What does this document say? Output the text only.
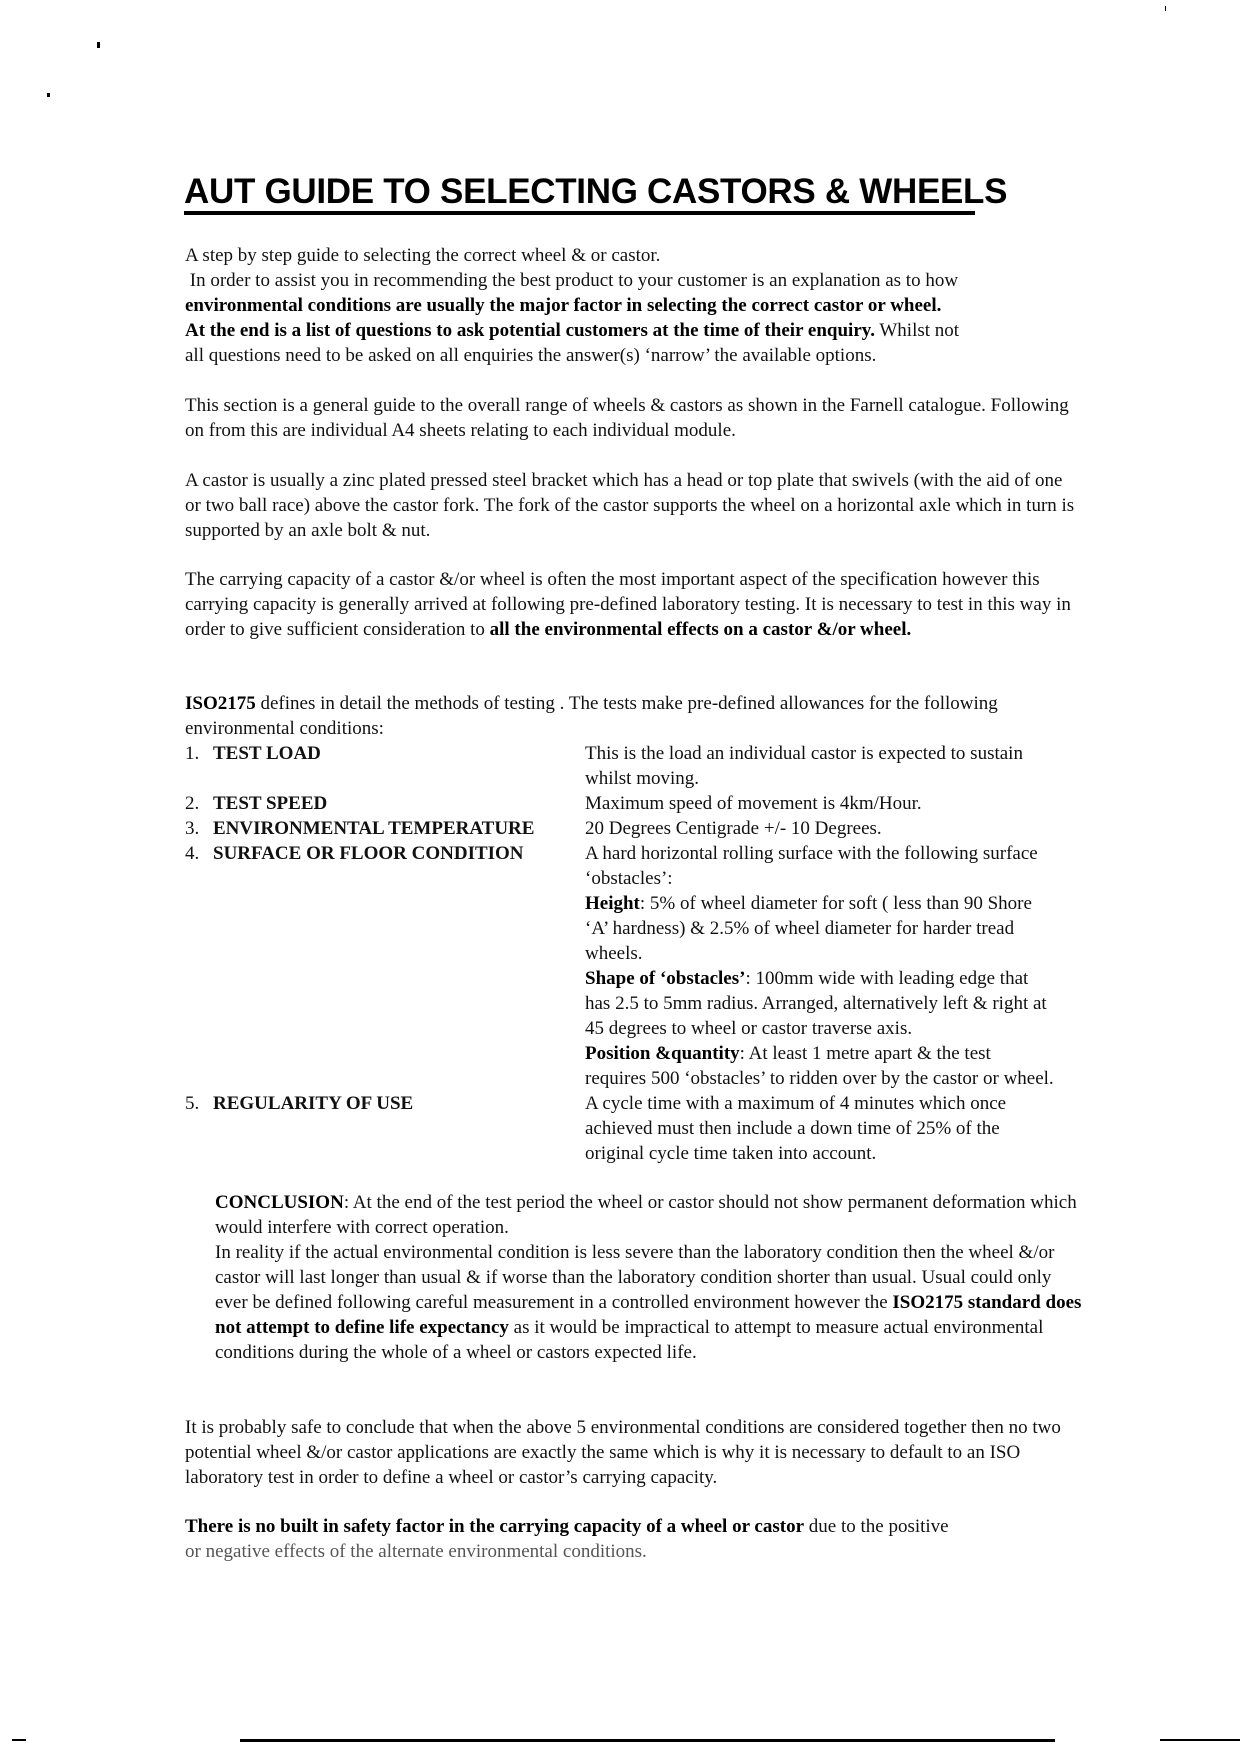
AUT GUIDE TO SELECTING CASTORS & WHEELS

A step by step guide to selecting the correct wheel & or castor.

In order to assist you in recommending the best product to your customer is an explanation as to how

environmental conditions are usually the major factor in selecting the correct castor or wheel.

At the end is a list of questions to ask potential customers at the time of their enquiry. Whilst not

all questions need to be asked on all enquiries the answer(s) ‘narrow’ the available options.

This section is a general guide to the overall range of wheels & castors as shown in the Farnell catalogue. Following on from this are individual A4 sheets relating to each individual module.
A castor is usually a zinc plated pressed steel bracket which has a head or top plate that swivels (with the aid of one or two ball race) above the castor fork. The fork of the castor supports the wheel on a horizontal axle which in turn is supported by an axle bolt & nut.
The carrying capacity of a castor &/or wheel is often the most important aspect of the specification however this carrying capacity is generally arrived at following pre-defined laboratory testing. It is necessary to test in this way in order to give sufficient consideration to all the environmental effects on a castor &/or wheel.
ISO2175 defines in detail the methods of testing . The tests make pre-defined allowances for the following environmental conditions:
1. TEST LOAD	This is the load an individual castor is expected to sustain whilst moving.
2. TEST SPEED	Maximum speed of movement is 4km/Hour.
3. ENVIRONMENTAL TEMPERATURE	20 Degrees Centigrade +/- 10 Degrees.
4. SURFACE OR FLOOR CONDITION	A hard horizontal rolling surface with the following surface ‘obstacles’:

Height: 5% of wheel diameter for soft ( less than 90 Shore ‘A’ hardness) & 2.5% of wheel diameter for harder tread wheels.

Shape of ‘obstacles’: 100mm wide with leading edge that has 2.5 to 5mm radius. Arranged, alternatively left & right at 45 degrees to wheel or castor traverse axis.

Position &quantity: At least 1 metre apart & the test requires 500 ‘obstacles’ to ridden over by the castor or wheel.

5. REGULARITY OF USE	A cycle time with a maximum of 4 minutes which once achieved must then include a down time of 25% of the original cycle time taken into account.

CONCLUSION: At the end of the test period the wheel or castor should not show permanent deformation which would interfere with correct operation.

In reality if the actual environmental condition is less severe than the laboratory condition then the wheel &/or castor will last longer than usual & if worse than the laboratory condition shorter than usual. Usual could only ever be defined following careful measurement in a controlled environment however the ISO2175 standard does not attempt to define life expectancy as it would be impractical to attempt to measure actual environmental conditions during the whole of a wheel or castors expected life.

It is probably safe to conclude that when the above 5 environmental conditions are considered together then no two potential wheel &/or castor applications are exactly the same which is why it is necessary to default to an ISO laboratory test in order to define a wheel or castor’s carrying capacity.

There is no built in safety factor in the carrying capacity of a wheel or castor due to the positive

or negative effects of the alternate environmental conditions.
